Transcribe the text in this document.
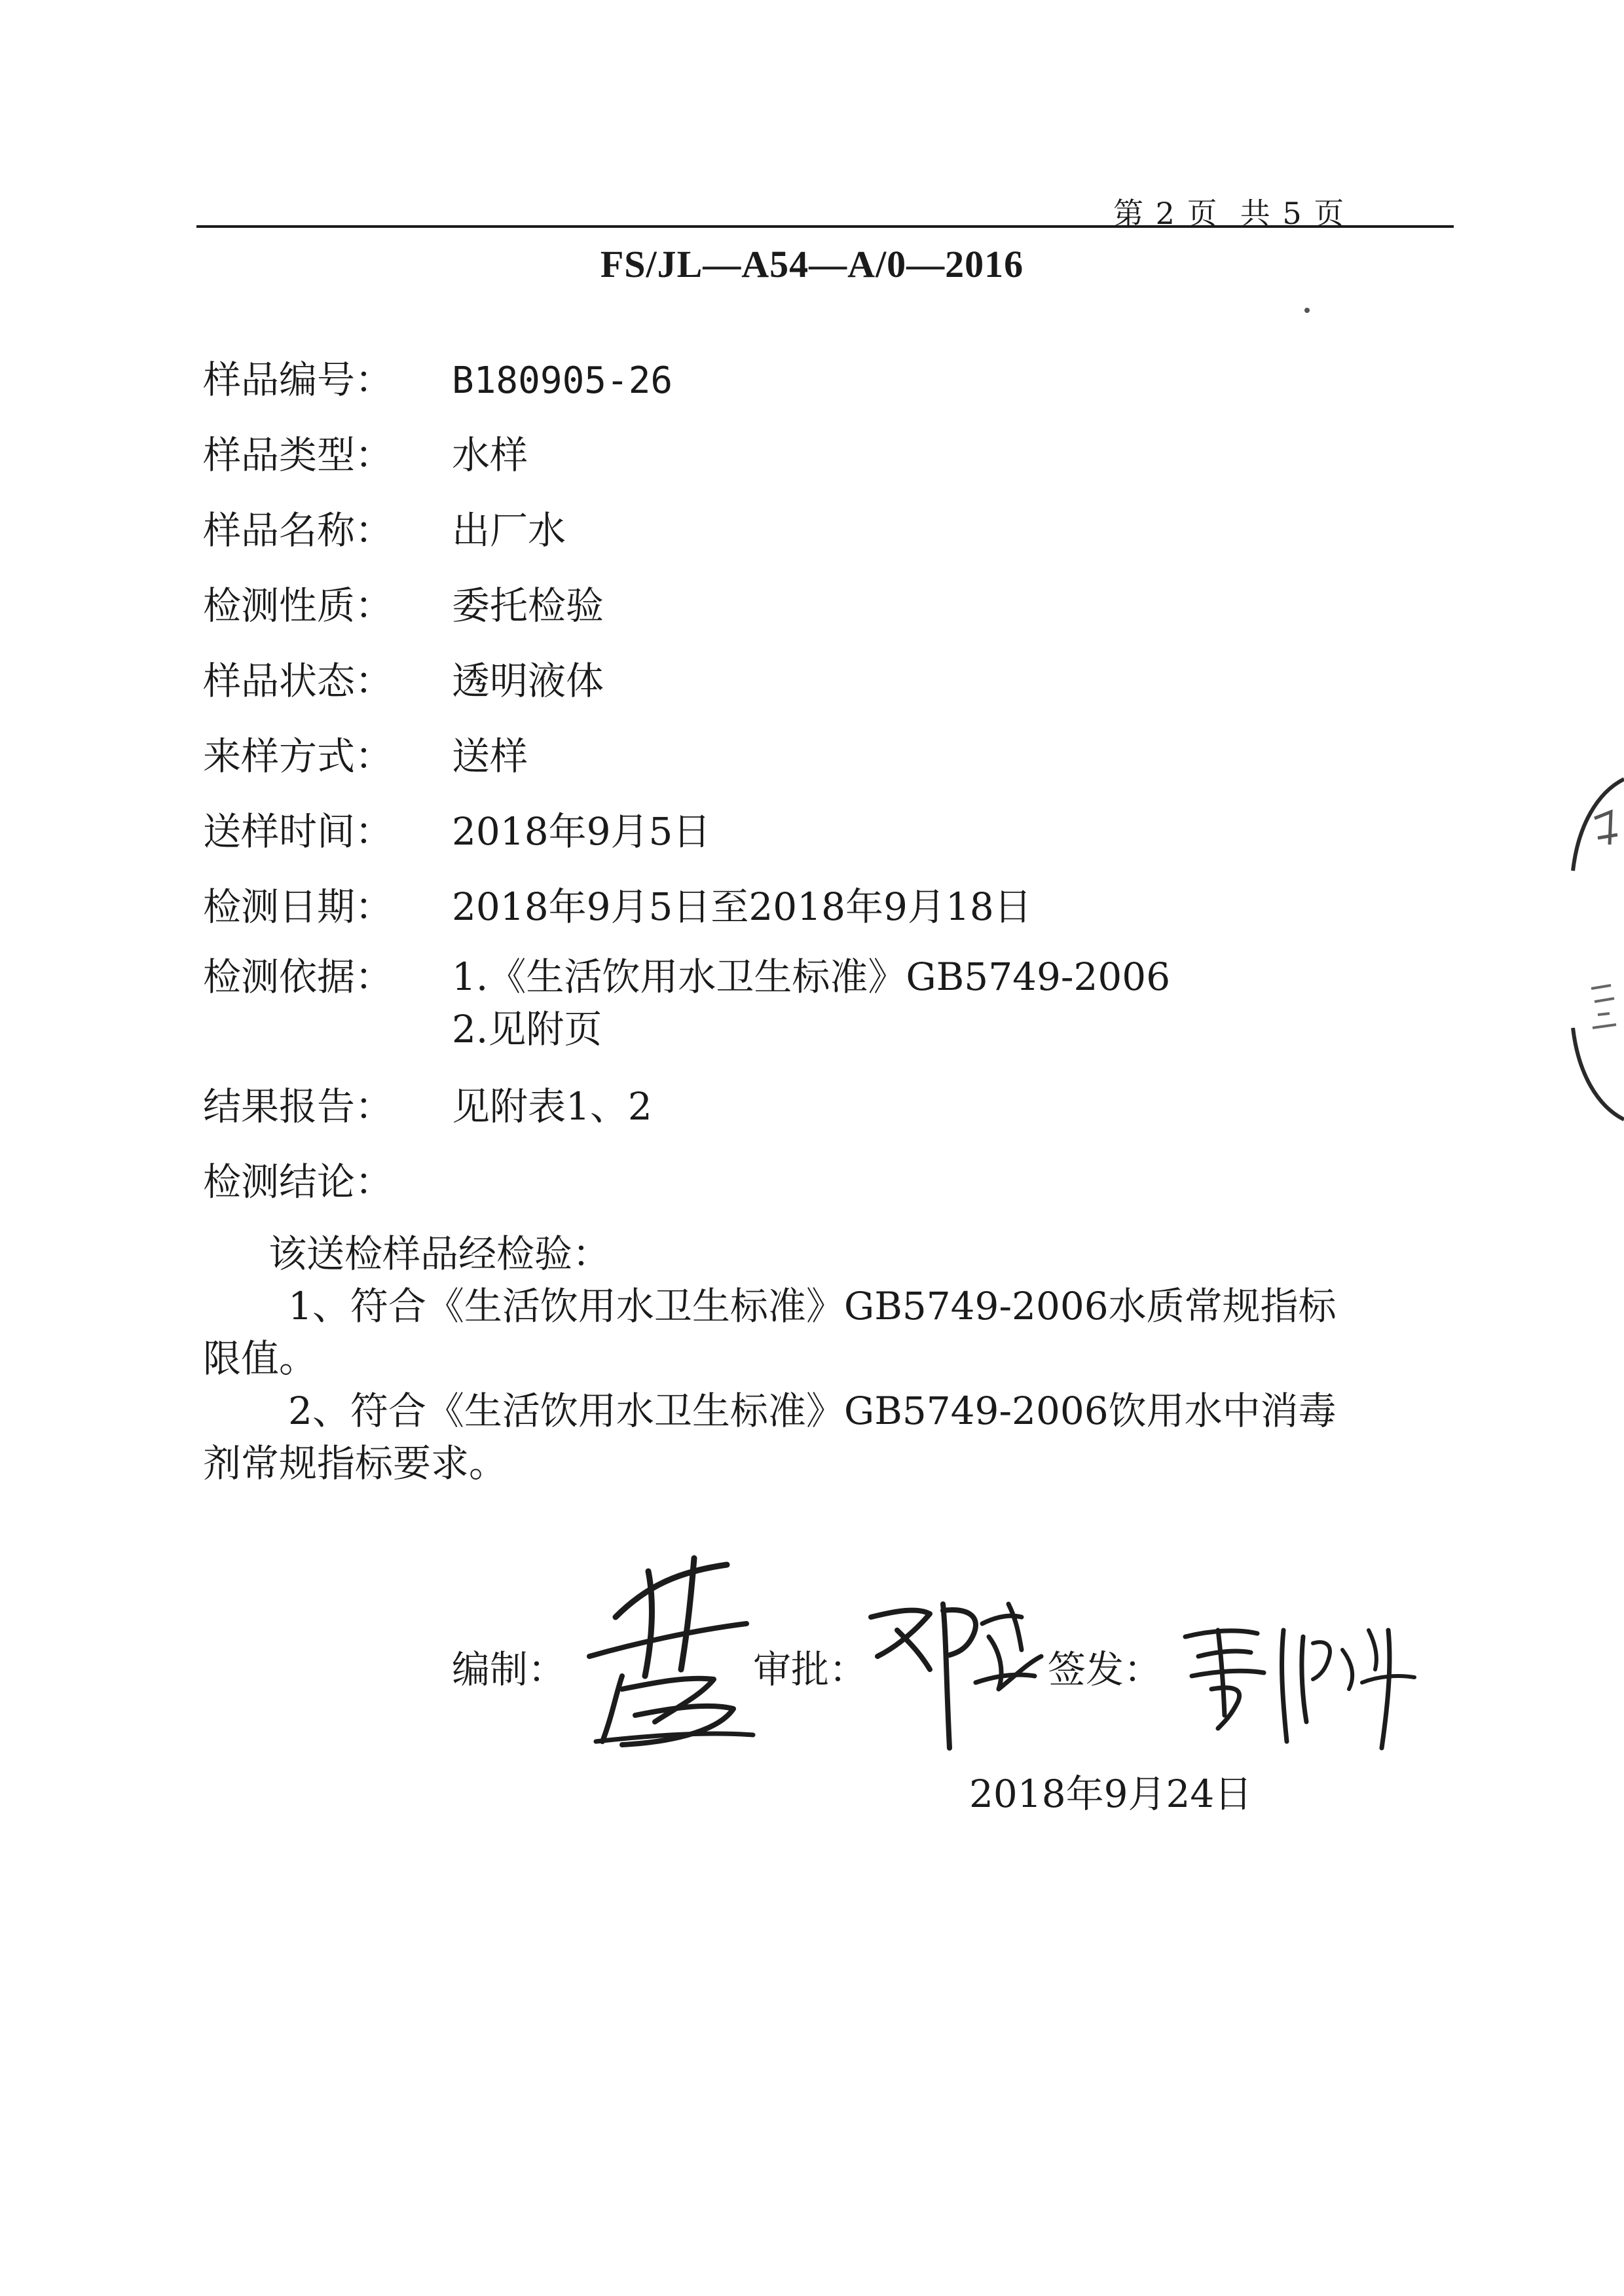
第 2 页  共 5 页
FS/JL—A54—A/0—2016
样品编号： B180905-26
样品类型： 水样
样品名称： 出厂水
检测性质： 委托检验
样品状态： 透明液体
来样方式： 送样
送样时间： 2018年9月5日
检测日期： 2018年9月5日至2018年9月18日
检测依据： 1.《生活饮用水卫生标准》GB5749-2006
2.见附页
结果报告： 见附表1、2
检测结论：
该送检样品经检验：
1、符合《生活饮用水卫生标准》GB5749-2006水质常规指标
限值。
2、符合《生活饮用水卫生标准》GB5749-2006饮用水中消毒
剂常规指标要求。
编制：	审批：	签发：
2018年9月24日
